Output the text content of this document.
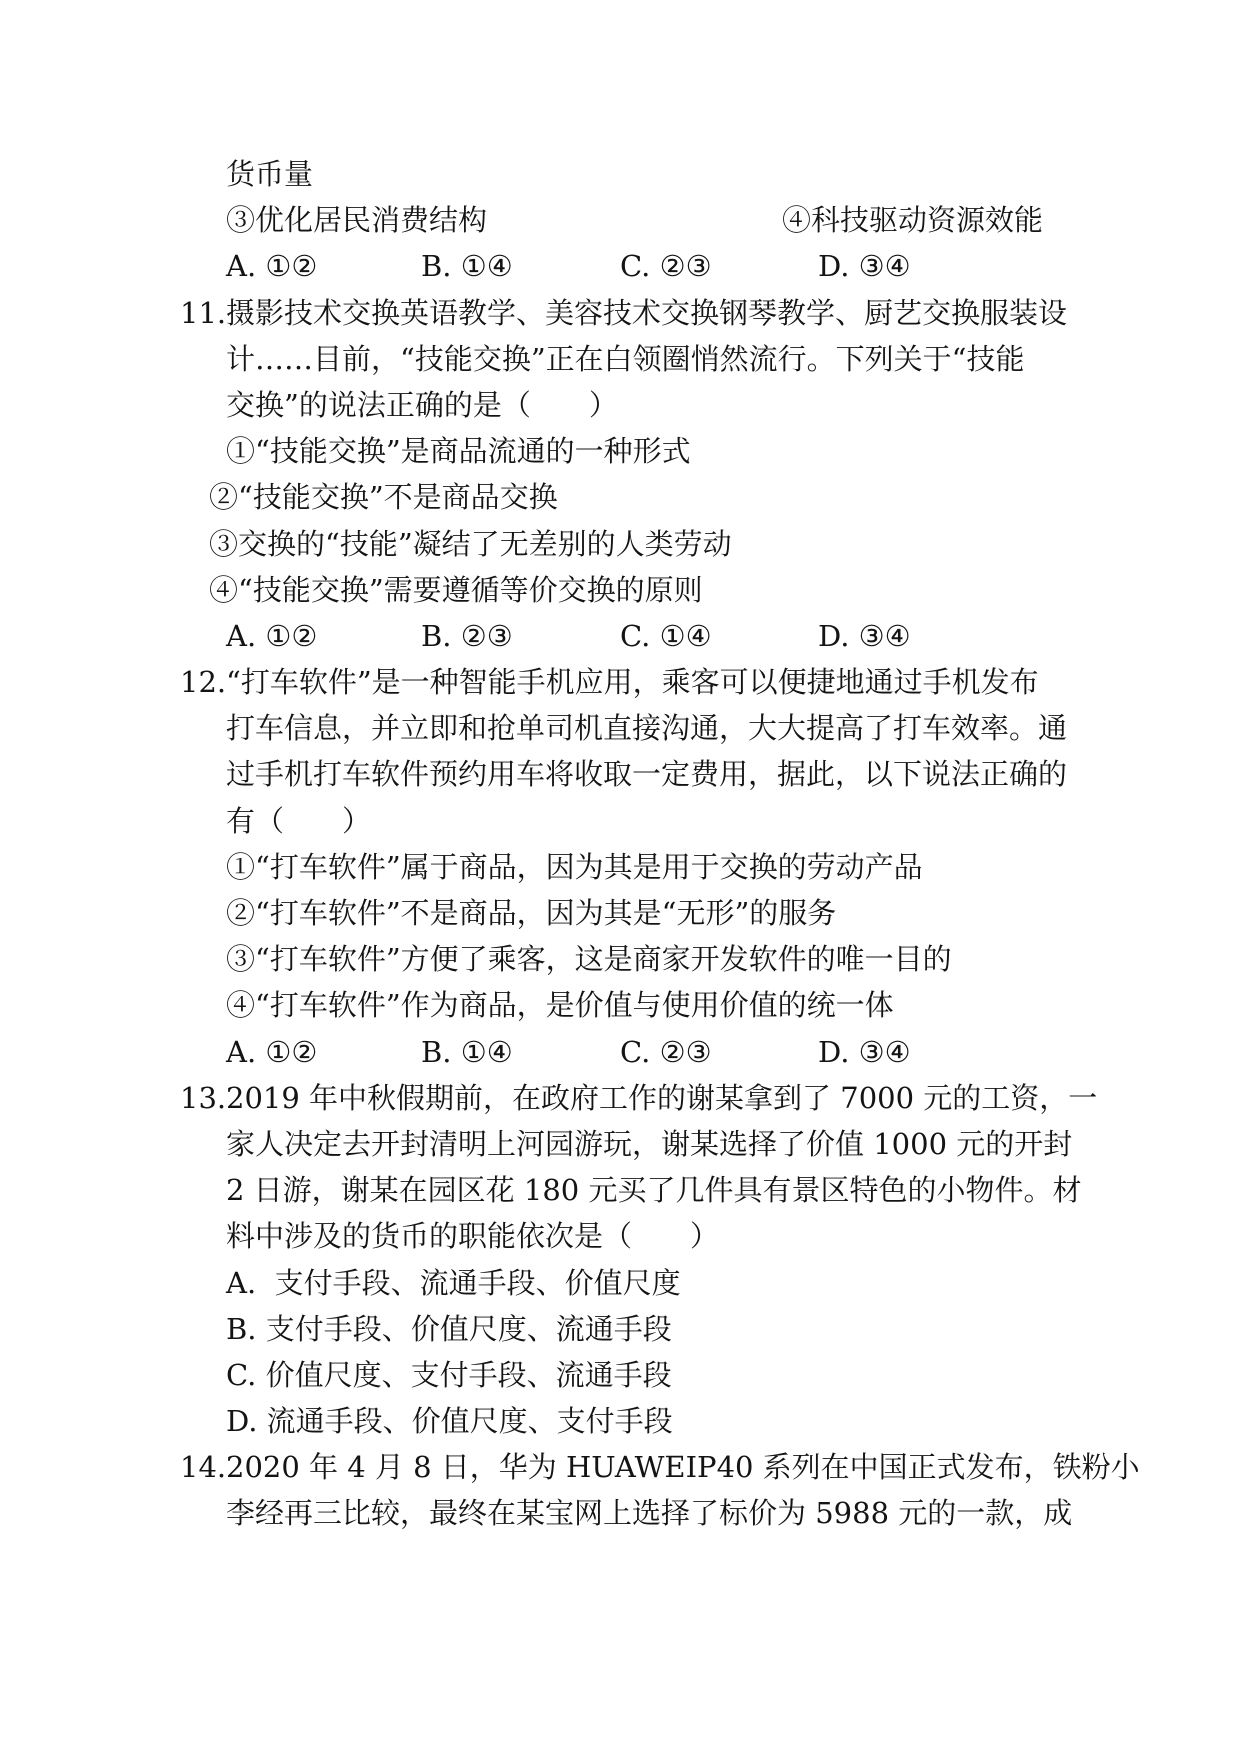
货币量
③优化居民消费结构	④科技驱动资源效能
A. ①②	B. ①④	C. ②③	D. ③④
11. 摄影技术交换英语教学、美容技术交换钢琴教学、厨艺交换服装设
计……目前，“技能交换”正在白领圈悄然流行。下列关于“技能
交换”的说法正确的是（　　）
①“技能交换”是商品流通的一种形式
②“技能交换”不是商品交换
③交换的“技能”凝结了无差别的人类劳动
④“技能交换”需要遵循等价交换的原则
A. ①②	B. ②③	C. ①④	D. ③④
12. “打车软件”是一种智能手机应用，乘客可以便捷地通过手机发布
打车信息，并立即和抢单司机直接沟通，大大提高了打车效率。通
过手机打车软件预约用车将收取一定费用，据此，以下说法正确的
有（　　）
①“打车软件”属于商品，因为其是用于交换的劳动产品
②“打车软件”不是商品，因为其是“无形”的服务
③“打车软件”方便了乘客，这是商家开发软件的唯一目的
④“打车软件”作为商品，是价值与使用价值的统一体
A. ①②	B. ①④	C. ②③	D. ③④
13. 2019 年中秋假期前，在政府工作的谢某拿到了 7000 元的工资，一
家人决定去开封清明上河园游玩，谢某选择了价值 1000 元的开封
2 日游，谢某在园区花 180 元买了几件具有景区特色的小物件。材
料中涉及的货币的职能依次是（　　）
A.  支付手段、流通手段、价值尺度
B. 支付手段、价值尺度、流通手段
C. 价值尺度、支付手段、流通手段
D. 流通手段、价值尺度、支付手段
14. 2020 年 4 月 8 日，华为 HUAWEIP40 系列在中国正式发布，铁粉小
李经再三比较，最终在某宝网上选择了标价为 5988 元的一款，成
